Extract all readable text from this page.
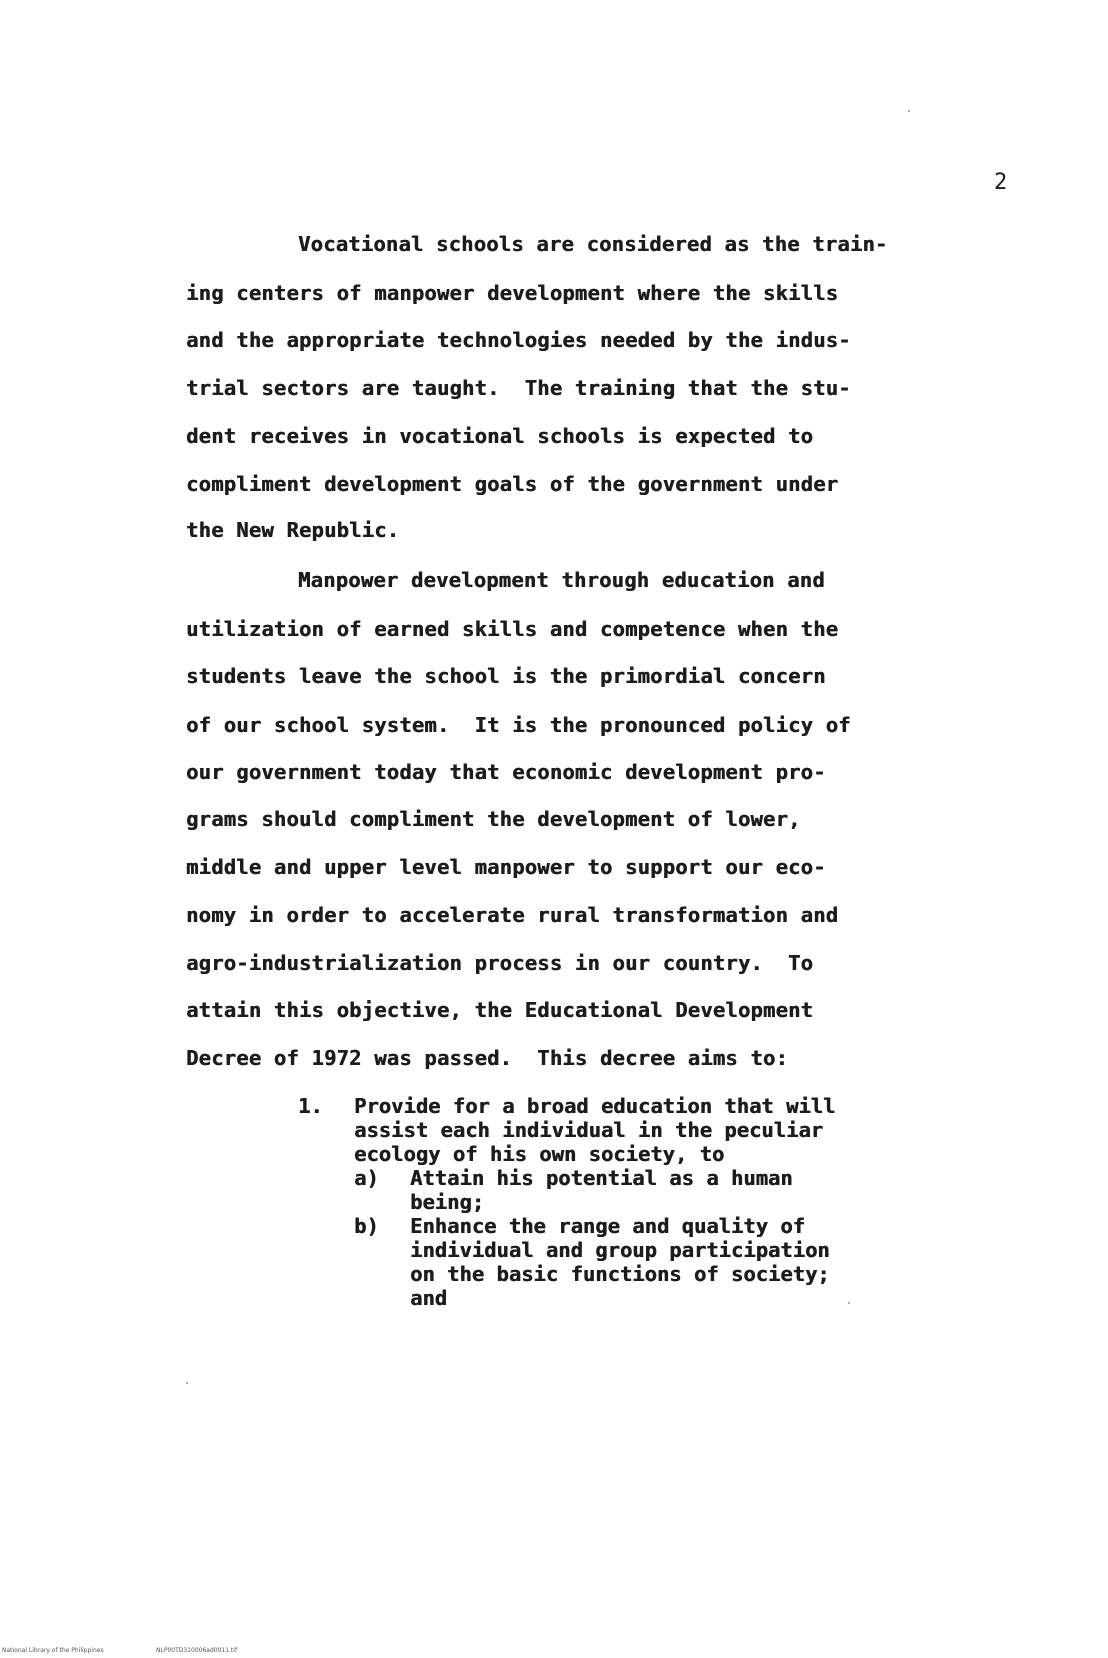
2
Vocational schools are considered as the train-
ing centers of manpower development where the skills
and the appropriate technologies needed by the indus-
trial sectors are taught.  The training that the stu-
dent receives in vocational schools is expected to
compliment development goals of the government under
the New Republic.
Manpower development through education and
utilization of earned skills and competence when the
students leave the school is the primordial concern
of our school system.  It is the pronounced policy of
our government today that economic development pro-
grams should compliment the development of lower,
middle and upper level manpower to support our eco-
nomy in order to accelerate rural transformation and
agro-industrialization process in our country.  To
attain this objective, the Educational Development
Decree of 1972 was passed.  This decree aims to:
1. Provide for a broad education that will
assist each individual in the peculiar
ecology of his own society, to
a) Attain his potential as a human
being;
b) Enhance the range and quality of
individual and group participation
on the basic functions of society;
and
National Library of the Philippines	NLP00TD310006ad0011.tif
